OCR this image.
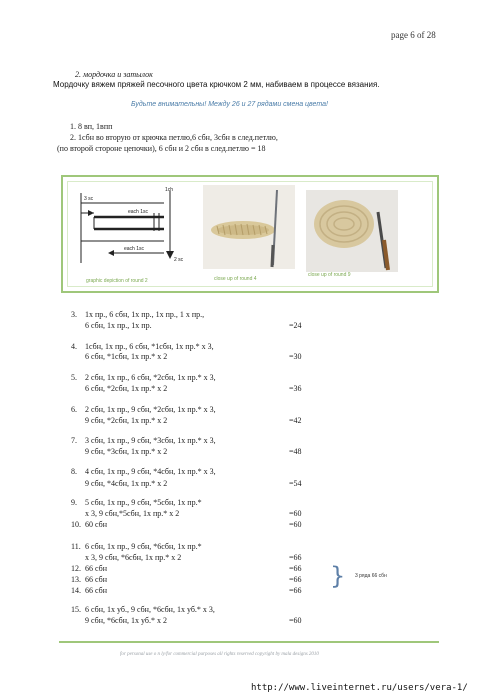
page 6 of 28
2. мордочка и затылок
Мордочку вяжем пряжей песочного цвета крючком 2 мм, набиваем в процессе вязания.
Будьте внимательны! Между 26 и 27 рядами смена цвета!
1. 8 вп, 1впп
2. 1сбн во вторую от крючка петлю,6 сбн, 3сбн в след.петлю,
(по второй стороне цепочки), 6 сбн и 2 сбн в след.петлю = 18
3 sc
1ch
each 1sc
each 1sc
2 sc
graphic depiction of round 2	close up of round 4
close up of round 9
3. 1х пр., 6 сбн, 1х пр., 1х пр., 1 х пр.,
6 сбн, 1х пр., 1х пр.	=24
4. 1сбн, 1х пр., 6 сбн, *1сбн, 1х пр.* х 3,
6 сбн, *1сбн, 1х пр.* х 2	=30
5. 2 сбн, 1х пр., 6 сбн, *2сбн, 1х пр.* х 3,
6 сбн, *2сбн, 1х пр.* х 2	=36
6. 2 сбн, 1х пр., 9 сбн, *2сбн, 1х пр.* х 3,
9 сбн, *2сбн, 1х пр.* х 2	=42
7. 3 сбн, 1х пр., 9 сбн, *3сбн, 1х пр.* х 3,
9 сбн, *3сбн, 1х пр.* х 2	=48
8. 4 сбн, 1х пр., 9 сбн, *4сбн, 1х пр.* х 3,
9 сбн, *4сбн, 1х пр.* х 2	=54
9. 5 сбн, 1х пр., 9 сбн, *5сбн, 1х пр.*
х 3, 9 сбн,*5сбн, 1х пр.* х 2	=60
10. 60 сбн	=60
11. 6 сбн, 1х пр., 9 сбн, *6сбн, 1х пр.*
х 3, 9 сбн, *6сбн, 1х пр.* х 2	=66
12. 66 сбн	=66
13. 66 сбн	=66
14. 66 сбн	=66
} 3 ряда 66 сбн
15. 6 сбн, 1х уб., 9 сбн, *6сбн, 1х уб.* х 3,
9 сбн, *6сбн, 1х уб.* х 2	=60
for personal use o n ly/for commercial purposes all rights reserved copyright by mala designs 2010
http://www.liveinternet.ru/users/vera-1/
